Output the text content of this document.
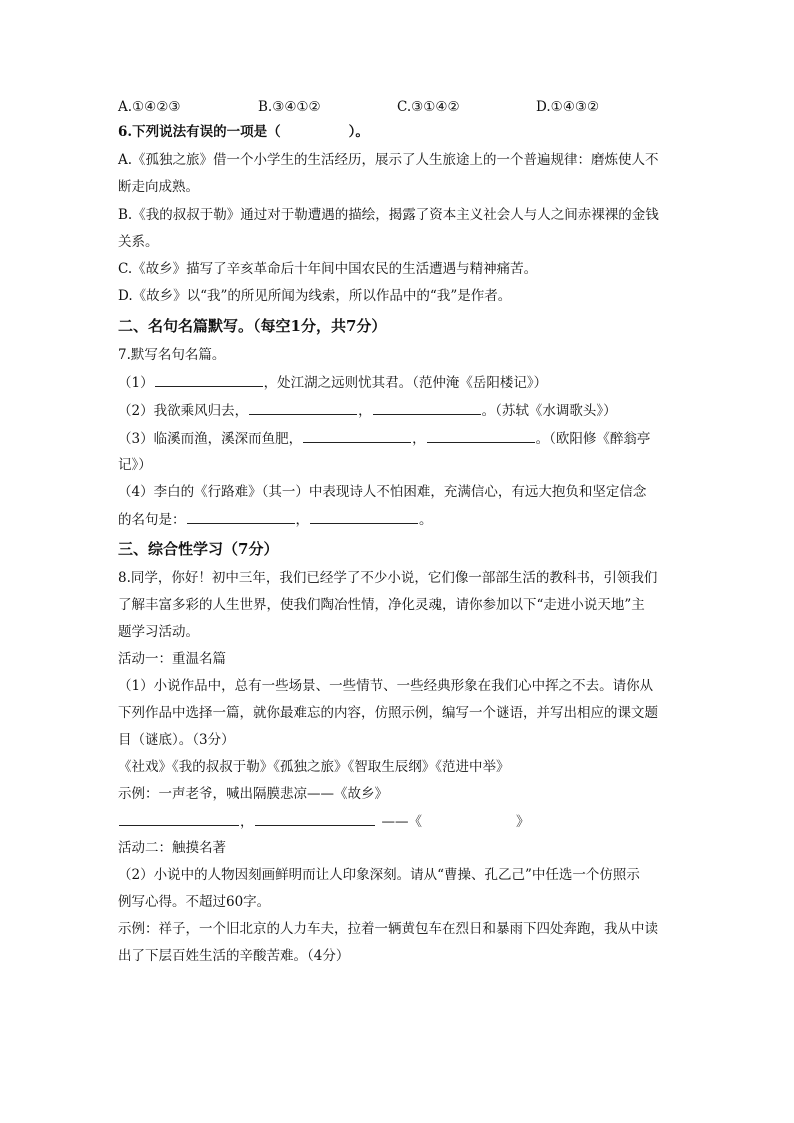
A.①④②③	B.③④①②	C.③①④②	D.①④③②
6.下列说法有误的一项是（	）。
A.《孤独之旅》借一个小学生的生活经历，展示了人生旅途上的一个普遍规律：磨炼使人不
断走向成熟。
B.《我的叔叔于勒》通过对于勒遭遇的描绘，揭露了资本主义社会人与人之间赤裸裸的金钱
关系。
C.《故乡》描写了辛亥革命后十年间中国农民的生活遭遇与精神痛苦。
D.《故乡》以“我”的所见所闻为线索，所以作品中的“我”是作者。
二、名句名篇默写。（每空1分，共7分）
7.默写名句名篇。
（1）	，处江湖之远则忧其君。（范仲淹《岳阳楼记》）
（2）我欲乘风归去，	，	。（苏轼《水调歌头》）
（3）临溪而渔，溪深而鱼肥，	，	。（欧阳修《醉翁亭
记》）
（4）李白的《行路难》（其一）中表现诗人不怕困难，充满信心，有远大抱负和坚定信念
的名句是：	，	。
三、综合性学习（7分）
8.同学，你好！初中三年，我们已经学了不少小说，它们像一部部生活的教科书，引领我们
了解丰富多彩的人生世界，使我们陶冶性情，净化灵魂，请你参加以下“走进小说天地”主
题学习活动。
活动一：重温名篇
（1）小说作品中，总有一些场景、一些情节、一些经典形象在我们心中挥之不去。请你从
下列作品中选择一篇，就你最难忘的内容，仿照示例，编写一个谜语，并写出相应的课文题
目（谜底）。（3分）
《社戏》《我的叔叔于勒》《孤独之旅》《智取生辰纲》《范进中举》
示例：一声老爷，喊出隔膜悲凉——《故乡》
，	——《	》
活动二：触摸名著
（2）小说中的人物因刻画鲜明而让人印象深刻。请从“曹操、孔乙己”中任选一个仿照示
例写心得。不超过60字。
示例：祥子，一个旧北京的人力车夫，拉着一辆黄包车在烈日和暴雨下四处奔跑，我从中读
出了下层百姓生活的辛酸苦难。（4分）
